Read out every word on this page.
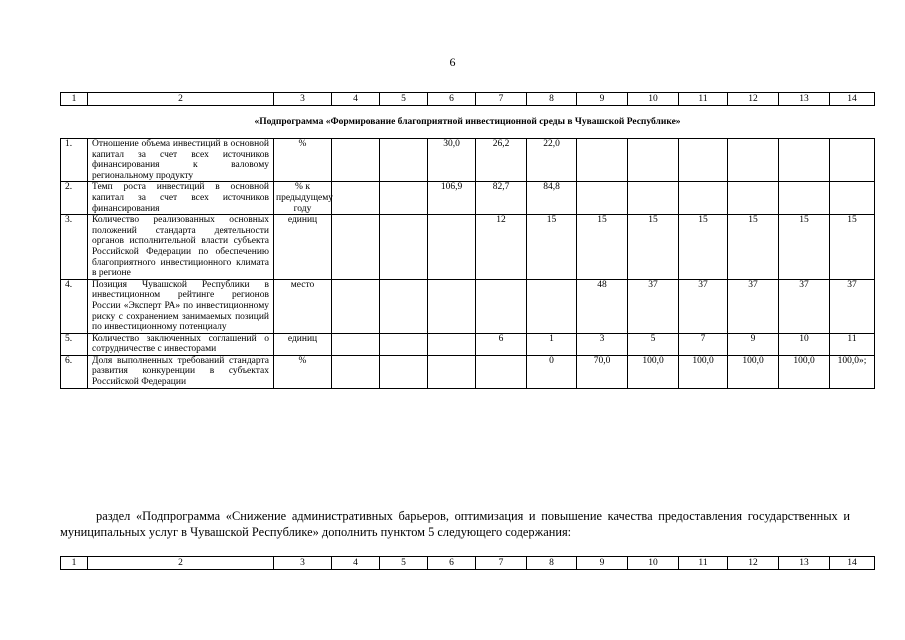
6
1	2	3	4	5	6	7	8	9	10	11	12	13	14
«Подпрограмма «Формирование благоприятной инвестиционной среды в Чувашской Республике»													
1.	Отношение объема инвестиций в основной капитал за счет всех источников финансирования к валовому региональному продукту	%			30,0	26,2	22,0						
2.	Темп роста инвестиций в основной капитал за счет всех источников финансирования	% к предыдущему году			106,9	82,7	84,8						
3.	Количество реализованных основных положений стандарта деятельности органов исполнительной власти субъекта Российской Федерации по обеспечению благоприятного инвестиционного климата в регионе	единиц				12	15	15	15	15	15	15	15
4.	Позиция Чувашской Республики в инвестиционном рейтинге регионов России «Эксперт РА» по инвестиционному риску с сохранением занимаемых позиций по инвестиционному потенциалу	место						48	37	37	37	37	37
5.	Количество заключенных соглашений о сотрудничестве с инвесторами	единиц				6	1	3	5	7	9	10	11
6.	Доля выполненных требований стандарта развития конкуренции в субъектах Российской Федерации	%					0	70,0	100,0	100,0	100,0	100,0	100,0»;
раздел «Подпрограмма «Снижение административных барьеров, оптимизация и повышение качества предоставления государственных и муниципальных услуг в Чувашской Республике» дополнить пунктом 5 следующего содержания:
1	2	3	4	5	6	7	8	9	10	11	12	13	14
